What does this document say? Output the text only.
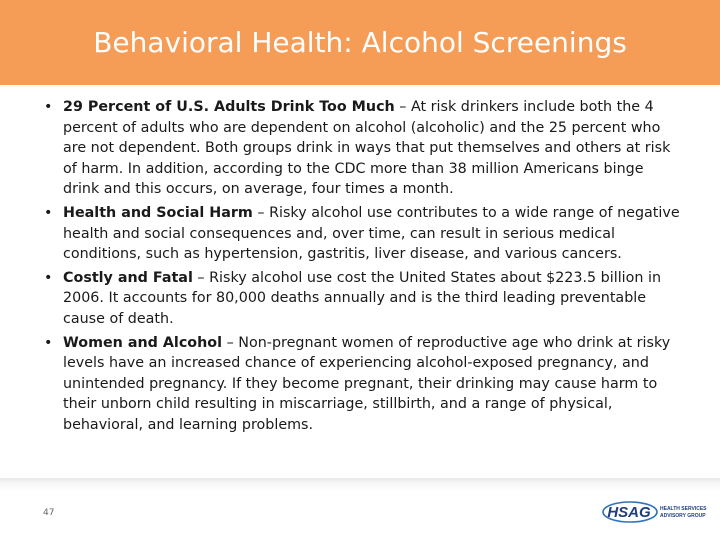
Behavioral Health: Alcohol Screenings
• 29 Percent of U.S. Adults Drink Too Much – At risk drinkers include both the 4 percent of adults who are dependent on alcohol (alcoholic) and the 25 percent who are not dependent. Both groups drink in ways that put themselves and others at risk of harm. In addition, according to the CDC more than 38 million Americans binge drink and this occurs, on average, four times a month.
• Health and Social Harm – Risky alcohol use contributes to a wide range of negative health and social consequences and, over time, can result in serious medical conditions, such as hypertension, gastritis, liver disease, and various cancers.
• Costly and Fatal – Risky alcohol use cost the United States about $223.5 billion in 2006. It accounts for 80,000 deaths annually and is the third leading preventable cause of death.
• Women and Alcohol – Non-pregnant women of reproductive age who drink at risky levels have an increased chance of experiencing alcohol-exposed pregnancy, and unintended pregnancy. If they become pregnant, their drinking may cause harm to their unborn child resulting in miscarriage, stillbirth, and a range of physical, behavioral, and learning problems.
47	HSAG HEALTH SERVICES
ADVISORY GROUP
